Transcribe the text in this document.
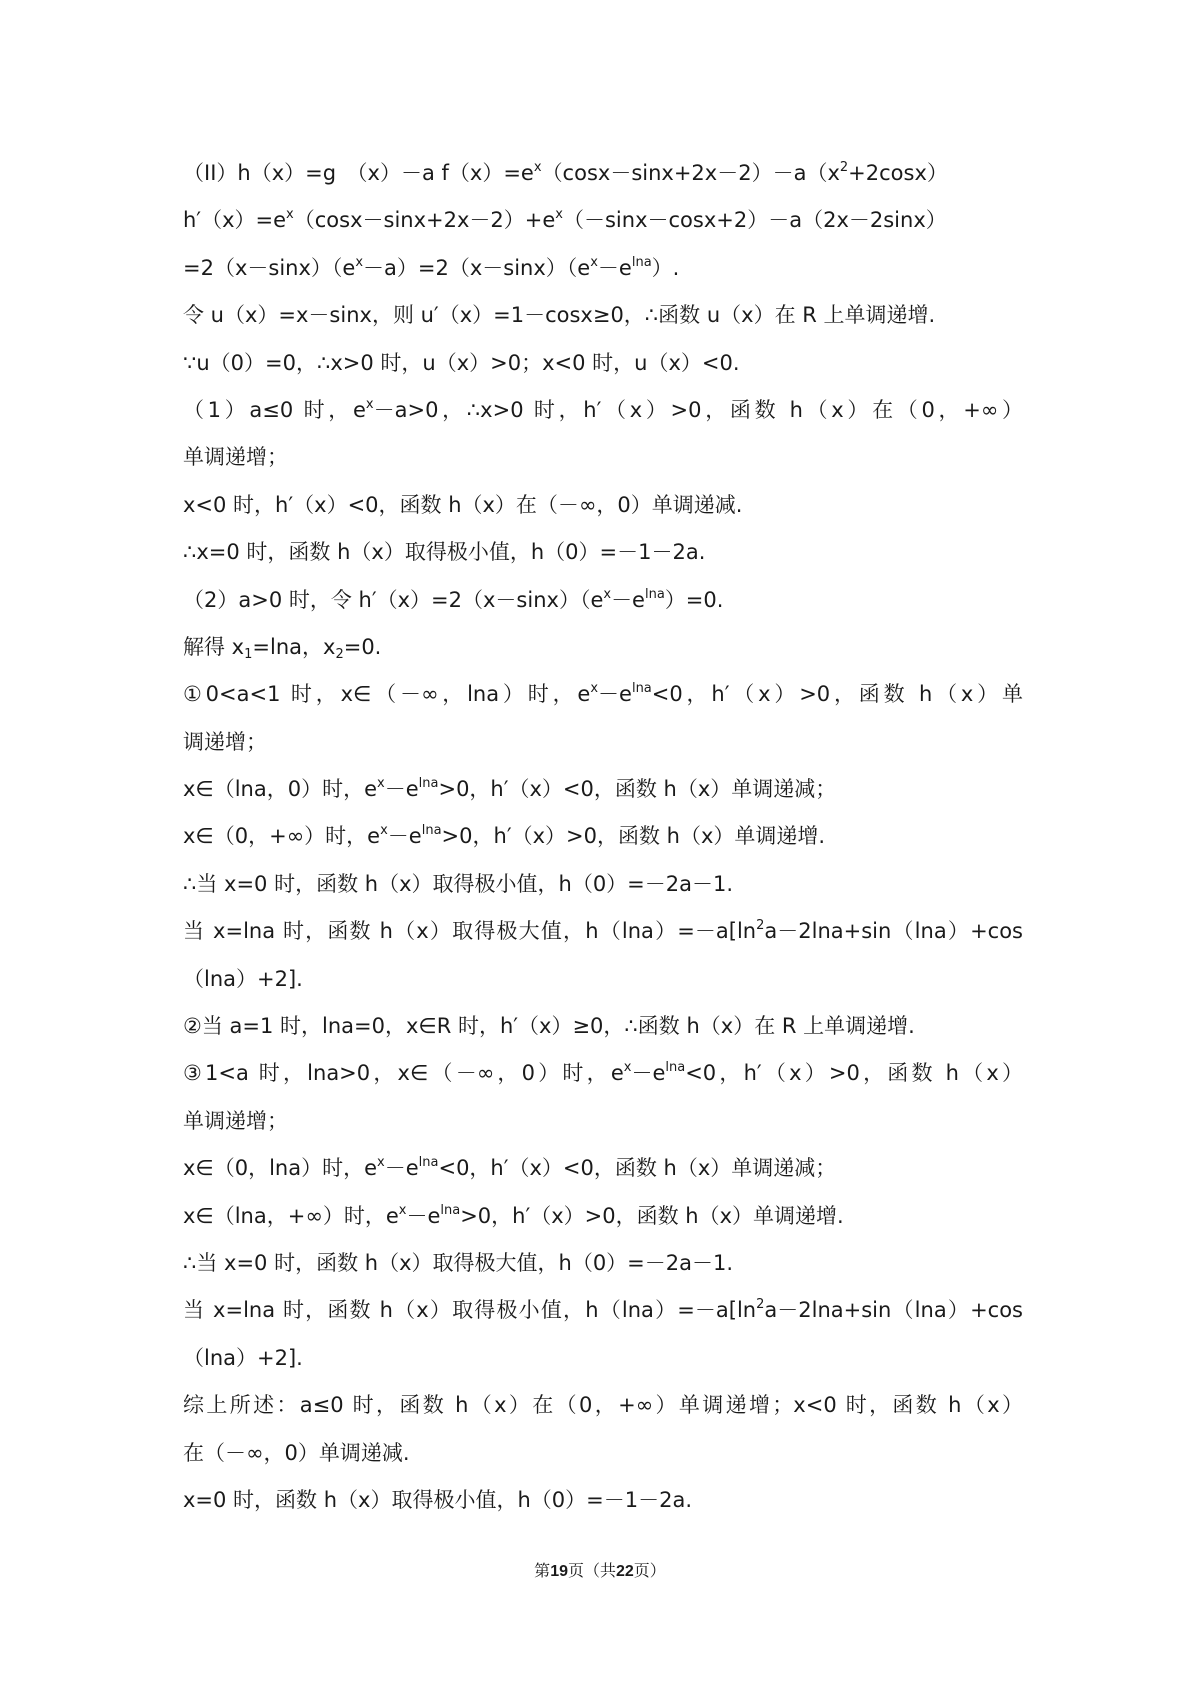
（II）h（x）=g　（x）－a $f(x)=e^x(\cos x-\sin x+2x-2)-a(x^2+2\cos x)$
$h'(x)=e^x(\cos x-\sin x+2x-2)+e^x(-\sin x-\cos x+2)-a(2x-2\sin x)$
$=2(x-\sin x)(e^x-a)=2(x-\sin x)(e^x-e^{lna})$.
令 u（x）=x－sinx，则 u′（x）=1－cosx≥0，∴函数 u（x）在 R 上单调递增.
∵u（0）=0，∴x>0 时，u（x）>0；x<0 时，u（x）<0.
（1）a≤0 时，$e^x-a>0$，∴x>0 时，h′（x）>0，函数 h（x）在（0，+∞）
单调递增；
x<0 时，h′（x）<0，函数 h（x）在（－∞，0）单调递减.
∴x=0 时，函数 h（x）取得极小值，h（0）=－1－2a.
（2）a>0 时，令 $h'(x)=2(x-\sin x)(e^x-e^{lna})=0$.
解得 $x_1=\ln a$，$x_2=0$.
①0<a<1 时，x∈（－∞，lna）时，$e^x-e^{lna}<0$，h′（x）>0，函数 h（x）单
调递增；
x∈（lna，0）时，$e^x-e^{lna}>0$，h′（x）<0，函数 h（x）单调递减；
x∈（0，+∞）时，$e^x-e^{lna}>0$，h′（x）>0，函数 h（x）单调递增.
∴当 x=0 时，函数 h（x）取得极小值，h（0）=－2a－1.
当 x=lna 时，函数 h（x）取得极大值，$h(\ln a)=-a[\ln^2a-2\ln a+\sin(\ln a)+\cos$
（lna）+2].
②当 a=1 时，lna=0，x∈R 时，h′（x）≥0，∴函数 h（x）在 R 上单调递增.
③1<a 时，lna>0，x∈（－∞，0）时，$e^x-e^{lna}<0$，h′（x）>0，函数 h（x）
单调递增；
x∈（0，lna）时，$e^x-e^{lna}<0$，h′（x）<0，函数 h（x）单调递减；
x∈（lna，+∞）时，$e^x-e^{lna}>0$，h′（x）>0，函数 h（x）单调递增.
∴当 x=0 时，函数 h（x）取得极大值，h（0）=－2a－1.
当 x=lna 时，函数 h（x）取得极小值，$h(\ln a)=-a[\ln^2a-2\ln a+\sin(\ln a)+\cos$
（lna）+2].
综上所述：a≤0 时，函数 h（x）在（0，+∞）单调递增；x<0 时，函数 h（x）
在（－∞，0）单调递减.
x=0 时，函数 h（x）取得极小值，h（0）=－1－2a.
第19页（共22页）
